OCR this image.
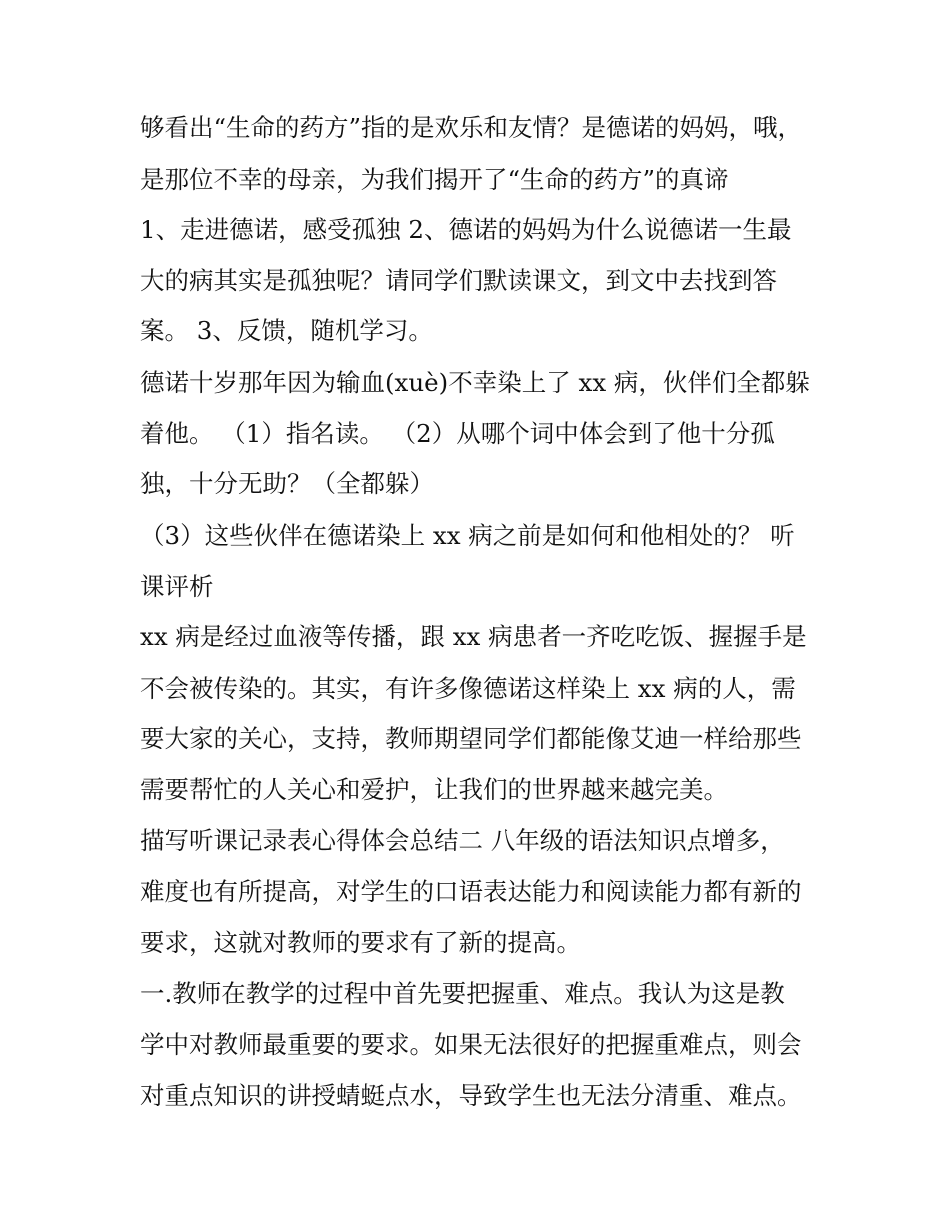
够看出“生命的药方”指的是欢乐和友情？是德诺的妈妈，哦，
是那位不幸的母亲，为我们揭开了“生命的药方”的真谛
1、走进德诺，感受孤独 2、德诺的妈妈为什么说德诺一生最
大的病其实是孤独呢？请同学们默读课文，到文中去找到答
案。 3、反馈，随机学习。
德诺十岁那年因为输血(xuè)不幸染上了 xx 病，伙伴们全都躲
着他。 （1）指名读。 （2）从哪个词中体会到了他十分孤
独，十分无助？（全都躲）
（3）这些伙伴在德诺染上 xx 病之前是如何和他相处的？ 听
课评析
xx 病是经过血液等传播，跟 xx 病患者一齐吃吃饭、握握手是
不会被传染的。其实，有许多像德诺这样染上 xx 病的人，需
要大家的关心，支持，教师期望同学们都能像艾迪一样给那些
需要帮忙的人关心和爱护，让我们的世界越来越完美。
描写听课记录表心得体会总结二 八年级的语法知识点增多，
难度也有所提高，对学生的口语表达能力和阅读能力都有新的
要求，这就对教师的要求有了新的提高。
一.教师在教学的过程中首先要把握重、难点。我认为这是教
学中对教师最重要的要求。如果无法很好的把握重难点，则会
对重点知识的讲授蜻蜓点水，导致学生也无法分清重、难点。
